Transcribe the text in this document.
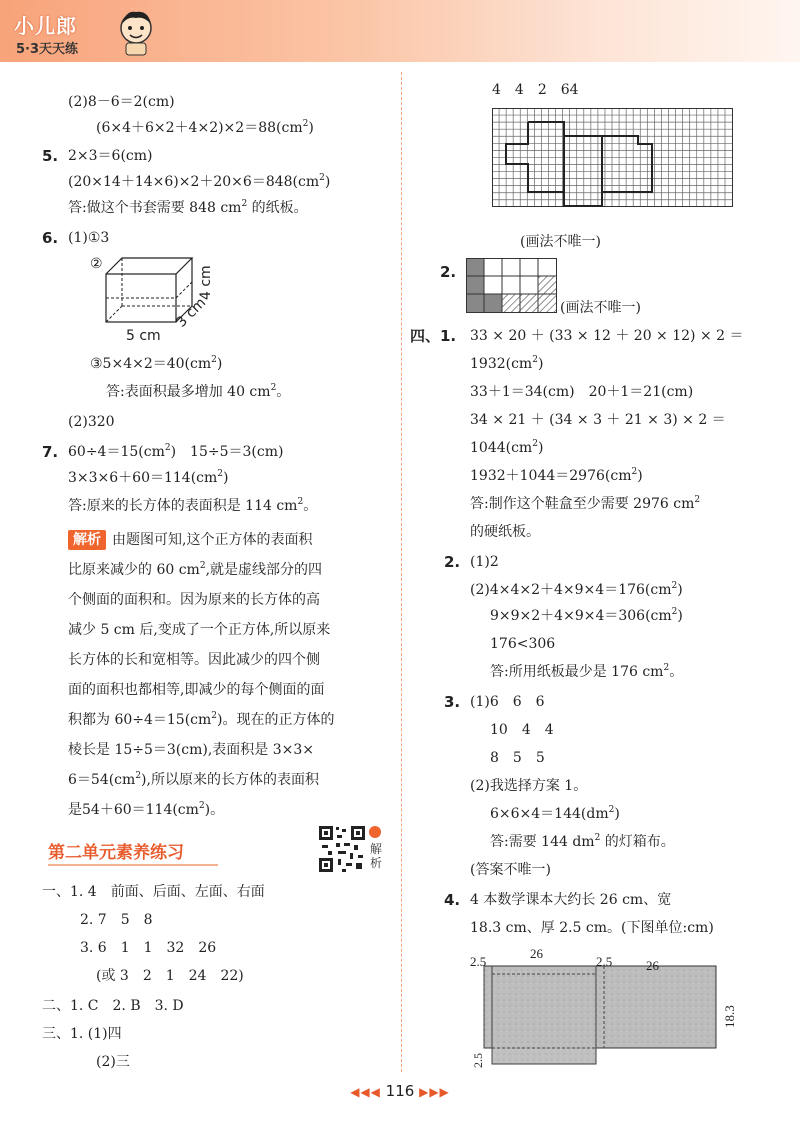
小儿郎
5·3天天练
(2)8－6＝2(cm)
$(6\times 4+6\times 2+4\times 2)\times 2=88(cm^2)$
5. 2×3＝6(cm)
$(20\times 14+14\times 6)\times 2+20\times 6=848(cm^2)$
答:做这个书套需要 848 $cm^2$ 的纸板。
6. (1)①3
②
5 cm
3 cm
4 cm
$③5\times 4\times 2=40(cm^2)$
答:表面积最多增加 40 $cm^2$。
(2)320
7. $60\div 4=15(cm^2)$　15÷5＝3(cm)
$3\times 3\times 6+60=114(cm^2)$
答:原来的长方体的表面积是 114 $cm^2$。
解析 由题图可知,这个正方体的表面积
比原来减少的 60 $cm^2$,就是虚线部分的四
个侧面的面积和。因为原来的长方体的高
减少 5 cm 后,变成了一个正方体,所以原来
长方体的长和宽相等。因此减少的四个侧
面的面积也都相等,即减少的每个侧面的面
积都为 $60\div 4=15(cm^2)$。现在的正方体的
棱长是 15÷5＝3(cm),表面积是 3×3×
$6=54(cm^2)$,所以原来的长方体的表面积
是$54+60=114(cm^2)$。
第二单元素养练习	解析
一、1. 4　前面、后面、左面、右面
2. 7　5　8
3. 6　1　1　32　26
(或 3　2　1　24　22)
二、1. C　2. B　3. D
三、1. (1)四
(2)三
4　4　2　64
(画法不唯一)
2.
(画法不唯一)
四、1. 33 × 20 ＋ (33 × 12 ＋ 20 × 12) × 2 ＝
$1932(cm^2)$
33＋1＝34(cm)　20＋1＝21(cm)
34 × 21 ＋ (34 × 3 ＋ 21 × 3) × 2 ＝
$1044(cm^2)$
$1932+1044=2976(cm^2)$
答:制作这个鞋盒至少需要 2976 $cm^2$
的硬纸板。
2. (1)2
$(2)4\times 4\times 2+4\times 9\times 4=176(cm^2)$
$9\times 9\times 2+4\times 9\times 4=306(cm^2)$
176<306
答:所用纸板最少是 176 $cm^2$。
3. (1)6　6　6
10　4　4
8　5　5
(2)我选择方案 1。
$6\times 6\times 4=144(dm^2)$
答:需要 144 $dm^2$ 的灯箱布。
(答案不唯一)
4. 4 本数学课本大约长 26 cm、宽
18.3 cm、厚 2.5 cm。(下图单位:cm)
2.5
26
2.5	26
18.3
2.5
◀◀◀ 116 ▶▶▶
